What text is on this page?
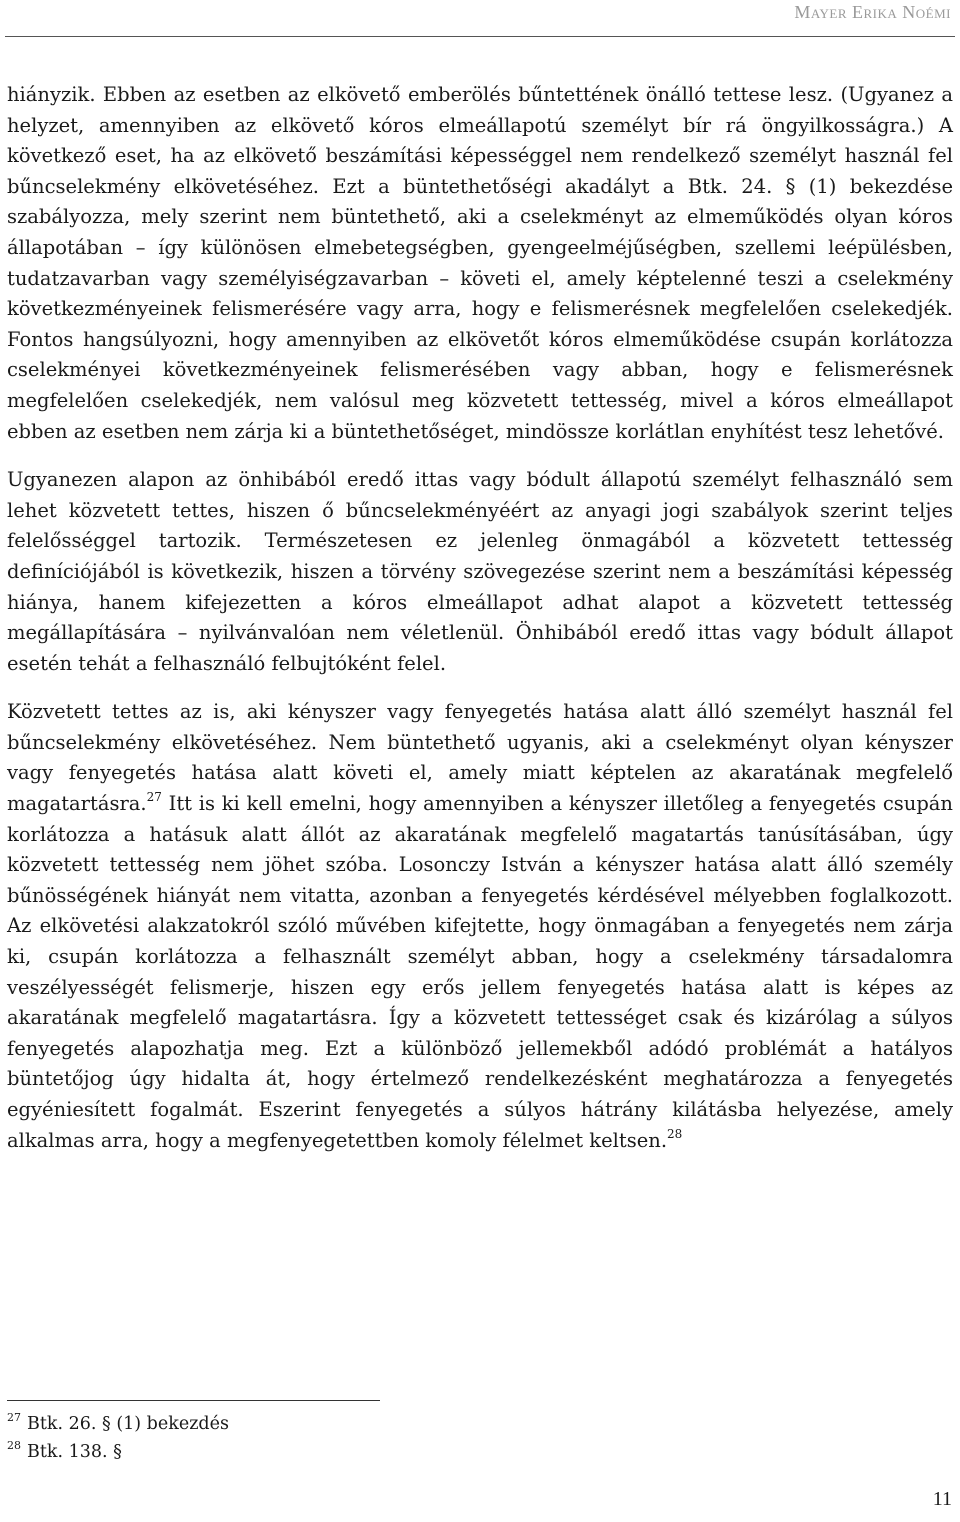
Mayer Erika Noémi

hiányzik. Ebben az esetben az elkövető emberölés bűntettének önálló tettese lesz. (Ugyanez a helyzet, amennyiben az elkövető kóros elmeállapotú személyt bír rá öngyilkosságra.) A következő eset, ha az elkövető beszámítási képességgel nem rendelkező személyt használ fel bűncselekmény elkövetéséhez. Ezt a büntethetőségi akadályt a Btk. 24. § (1) bekezdése szabályozza, mely szerint nem büntethető, aki a cselekményt az elmeműködés olyan kóros állapotában – így különösen elmebetegségben, gyengeelméjűségben, szellemi leépülésben, tudatzavarban vagy személyiségzavarban – követi el, amely képtelenné teszi a cselekmény következményeinek felismerésére vagy arra, hogy e felismerésnek megfelelően cselekedjék. Fontos hangsúlyozni, hogy amennyiben az elkövetőt kóros elmeműködése csupán korlátozza cselekményei következményeinek felismerésében vagy abban, hogy e felismerésnek megfelelően cselekedjék, nem valósul meg közvetett tettesség, mivel a kóros elmeállapot ebben az esetben nem zárja ki a büntethetőséget, mindössze korlátlan enyhítést tesz lehetővé.

Ugyanezen alapon az önhibából eredő ittas vagy bódult állapotú személyt felhasználó sem lehet közvetett tettes, hiszen ő bűncselekményéért az anyagi jogi szabályok szerint teljes felelősséggel tartozik. Természetesen ez jelenleg önmagából a közvetett tettesség definíciójából is következik, hiszen a törvény szövegezése szerint nem a beszámítási képesség hiánya, hanem kifejezetten a kóros elmeállapot adhat alapot a közvetett tettesség megállapítására – nyilvánvalóan nem véletlenül. Önhibából eredő ittas vagy bódult állapot esetén tehát a felhasználó felbujtóként felel.

Közvetett tettes az is, aki kényszer vagy fenyegetés hatása alatt álló személyt használ fel bűncselekmény elkövetéséhez. Nem büntethető ugyanis, aki a cselekményt olyan kényszer vagy fenyegetés hatása alatt követi el, amely miatt képtelen az akaratának megfelelő magatartásra.$^{27}$ Itt is ki kell emelni, hogy amennyiben a kényszer illetőleg a fenyegetés csupán korlátozza a hatásuk alatt állót az akaratának megfelelő magatartás tanúsításában, úgy közvetett tettesség nem jöhet szóba. Losonczy István a kényszer hatása alatt álló személy bűnösségének hiányát nem vitatta, azonban a fenyegetés kérdésével mélyebben foglalkozott. Az elkövetési alakzatokról szóló művében kifejtette, hogy önmagában a fenyegetés nem zárja ki, csupán korlátozza a felhasznált személyt abban, hogy a cselekmény társadalomra veszélyességét felismerje, hiszen egy erős jellem fenyegetés hatása alatt is képes az akaratának megfelelő magatartásra. Így a közvetett tettességet csak és kizárólag a súlyos fenyegetés alapozhatja meg. Ezt a különböző jellemekből adódó problémát a hatályos büntetőjog úgy hidalta át, hogy értelmező rendelkezésként meghatározza a fenyegetés egyéniesített fogalmát. Eszerint fenyegetés a súlyos hátrány kilátásba helyezése, amely alkalmas arra, hogy a megfenyegetettben komoly félelmet keltsen.$^{28}$

$^{27}$ Btk. 26. § (1) bekezdés
$^{28}$ Btk. 138. §
11
